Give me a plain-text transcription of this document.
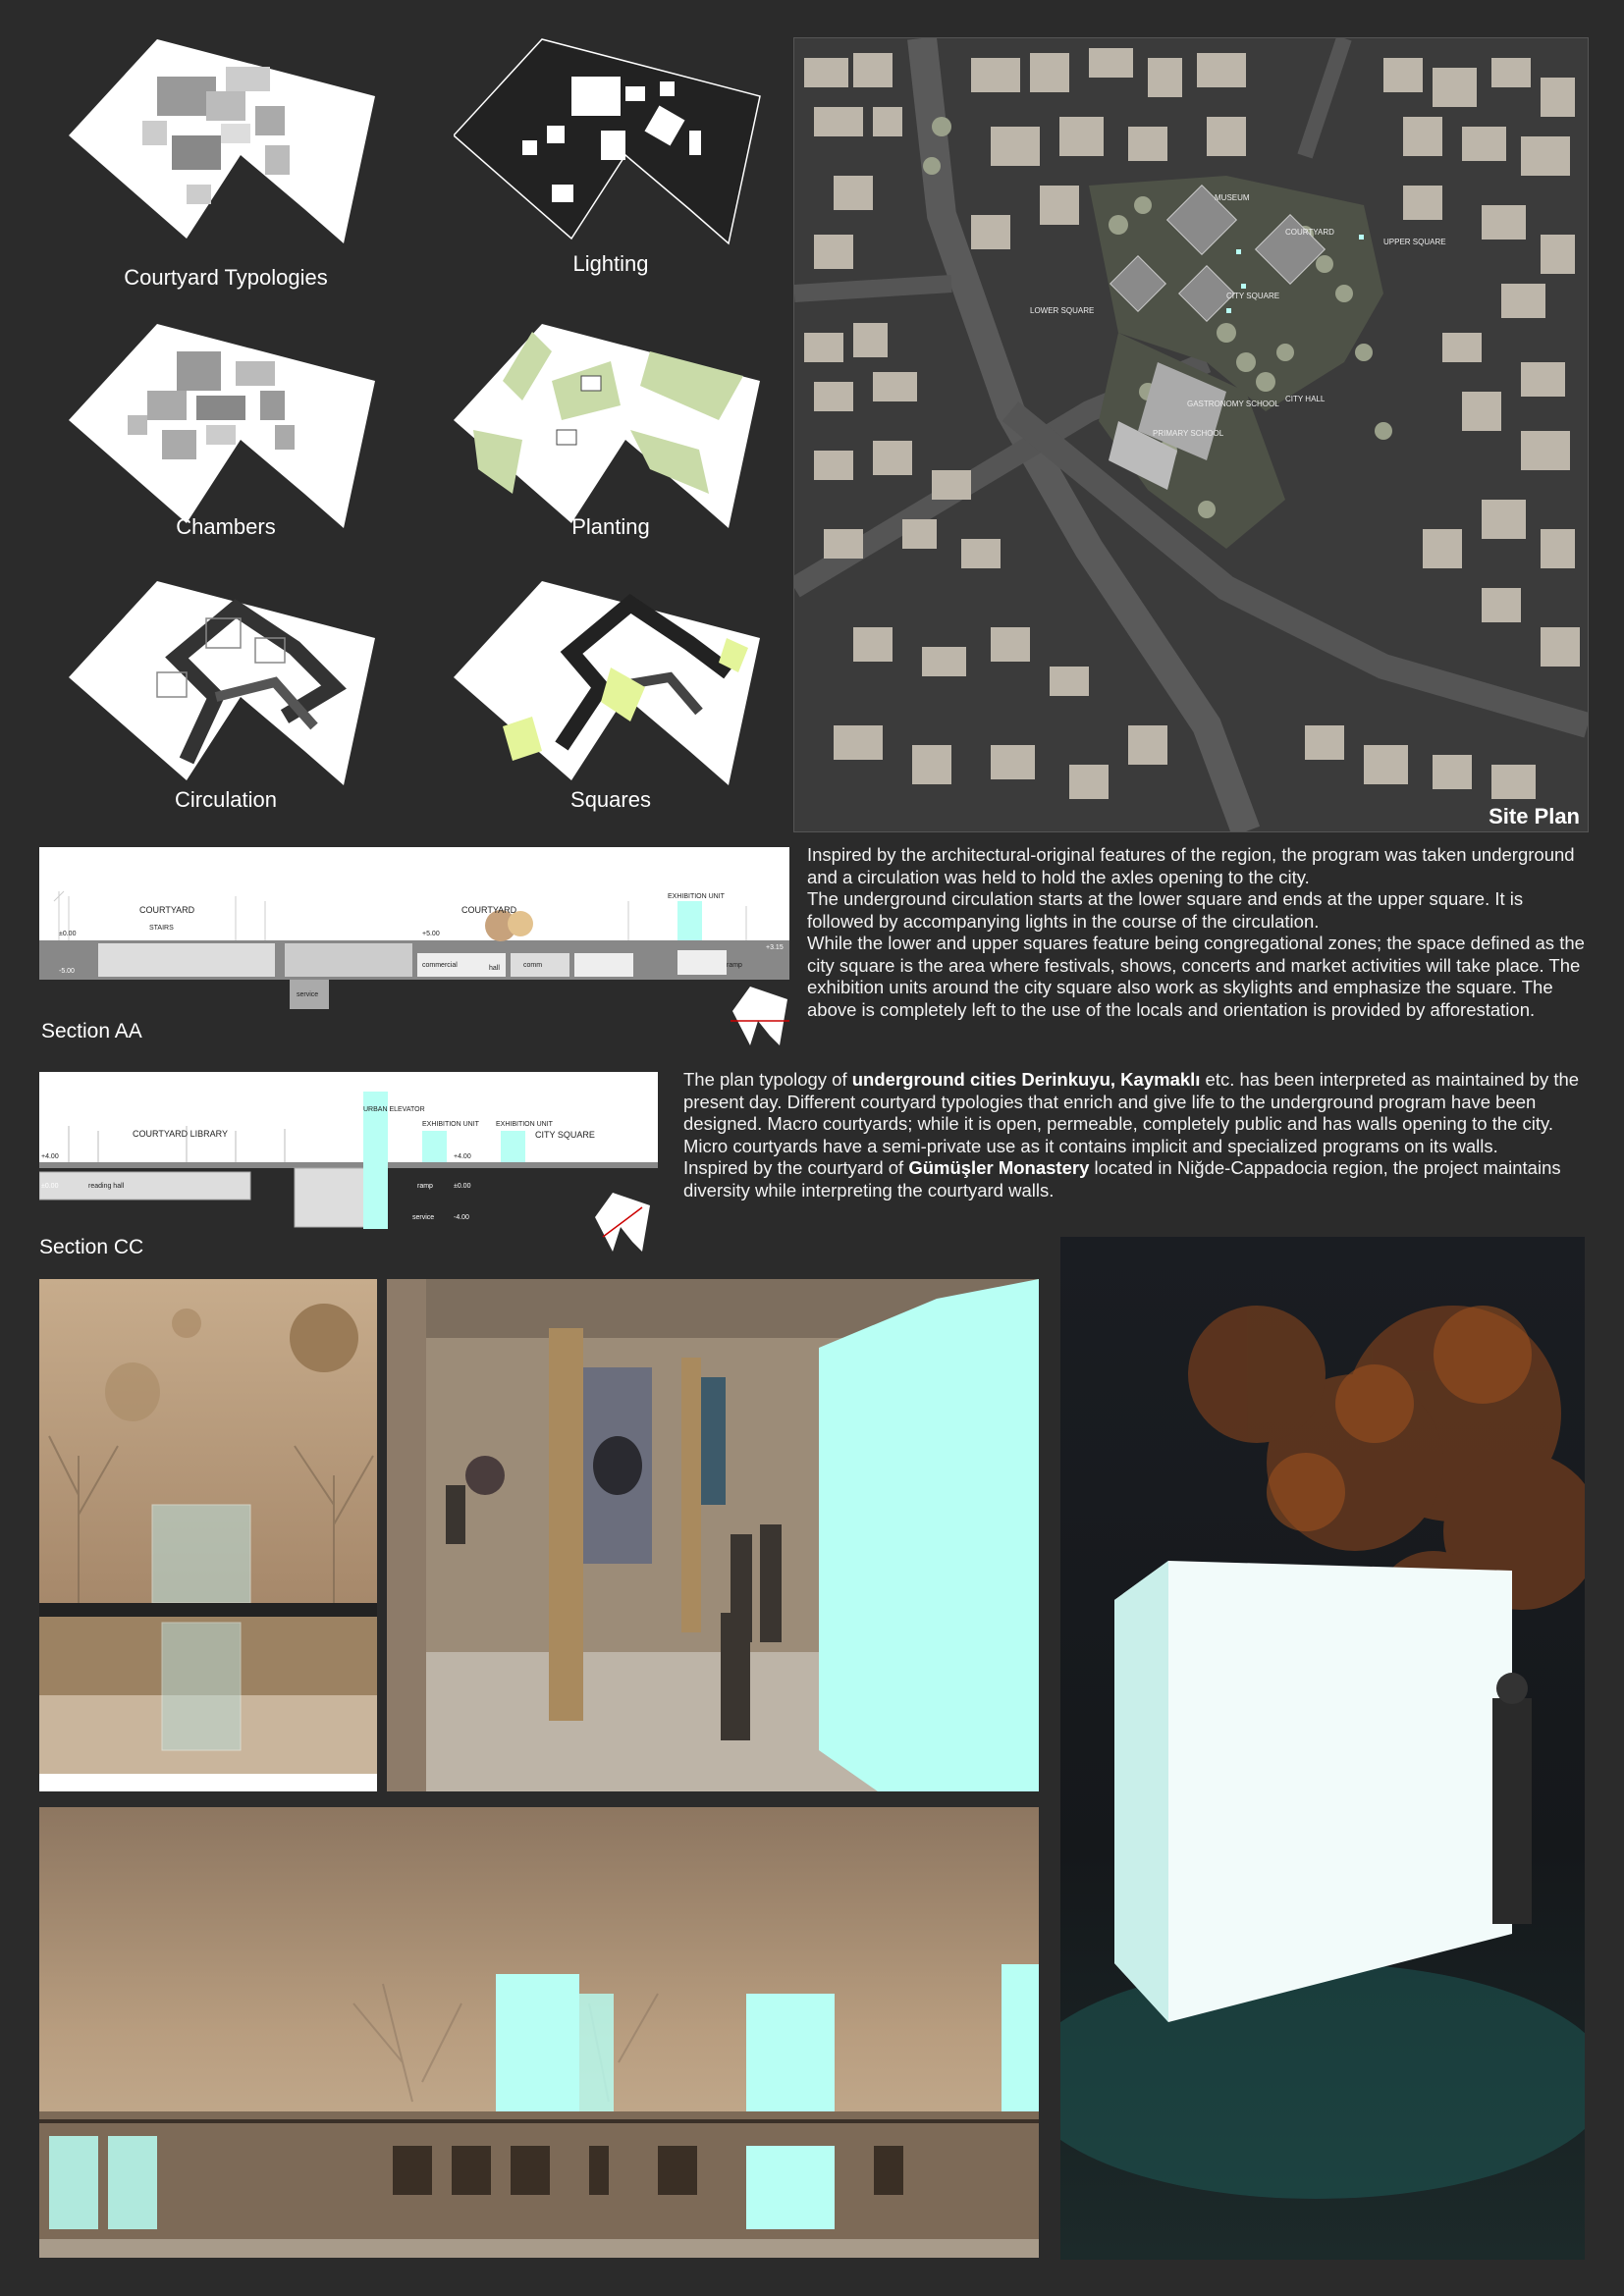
Courtyard Typologies
Lighting
Chambers	Planting
Circulation	Squares
MUSEUM
CITY SQUARE
GASTRONOMY SCHOOL
PRIMARY SCHOOL
CITY HALL
COURTYARD
LOWER SQUARE
UPPER SQUARE
Site Plan
COURTYARD
STAIRS
COURTYARD
EXHIBITION UNIT
commercial	hall	comm	ramp
service
±0.00
-5.00
+5.00
+3.15
Section AA
COURTYARD LIBRARY
URBAN ELEVATOR
EXHIBITION UNIT EXHIBITION UNIT
CITY SQUARE
reading hall	ramp
service
+4.00
±0.00
+4.00
±0.00
-4.00
Section CC
Inspired by the architectural-original features of the region, the program was taken underground and a circulation was held to hold the axles opening to the city.
The underground circulation starts at the lower square and ends at the upper square. It is followed by accompanying lights in the course of the circulation.
While the lower and upper squares feature being congregational zones; the space defined as the city square is the area where festivals, shows, concerts and market activities will take place. The exhibition units around the city square also work as skylights and emphasize the square. The above is completely left to the use of the locals and orientation is provided by afforestation.
The plan typology of underground cities Derinkuyu, Kaymaklı etc. has been interpreted as maintained by the present day. Different courtyard typologies that enrich and give life to the underground program have been designed. Macro courtyards; while it is open, permeable, completely public and has walls opening to the city.
Micro courtyards have a semi-private use as it contains implicit and specialized programs on its walls.
Inspired by the courtyard of Gümüşler Monastery located in Niğde-Cappadocia region, the project maintains diversity while interpreting the courtyard walls.
